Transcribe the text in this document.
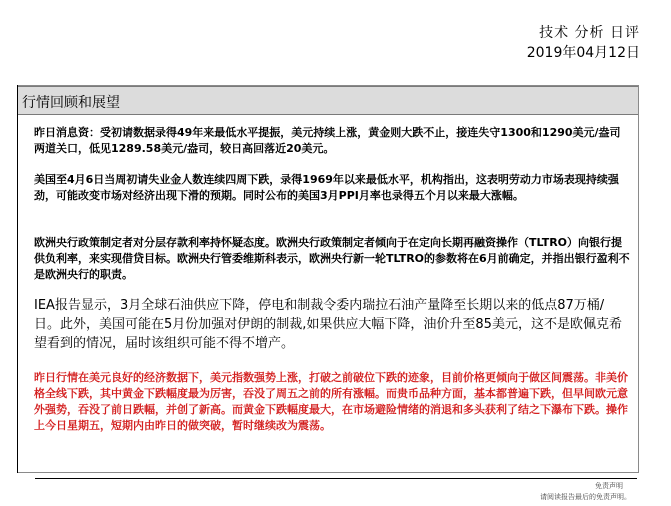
技术 分析 日评
2019年04月12日
行情回顾和展望

昨日消息资：受初请数据录得49年来最低水平提振，美元持续上涨，黄金则大跌不止，接连失守1300和1290美元/盎司两道关口，低见1289.58美元/盎司，较日高回落近20美元。

美国至4月6日当周初请失业金人数连续四周下跌，录得1969年以来最低水平，机构指出，这表明劳动力市场表现持续强劲，可能改变市场对经济出现下滑的预期。同时公布的美国3月PPI月率也录得五个月以来最大涨幅。

欧洲央行政策制定者对分层存款利率持怀疑态度。欧洲央行政策制定者倾向于在定向长期再融资操作（TLTRO）向银行提供负利率，来实现借贷目标。欧洲央行管委维斯科表示，欧洲央行新一轮TLTRO的参数将在6月前确定，并指出银行盈利不是欧洲央行的职责。

IEA报告显示，3月全球石油供应下降，停电和制裁令委内瑞拉石油产量降至长期以来的低点87万桶/日。此外，美国可能在5月份加强对伊朗的制裁,如果供应大幅下降，油价升至85美元，这不是欧佩克希望看到的情况，届时该组织可能不得不增产。

昨日行情在美元良好的经济数据下，美元指数强势上涨，打破之前破位下跌的迹象，目前价格更倾向于做区间震荡。非美价格全线下跌，其中黄金下跌幅度最为厉害，吞没了周五之前的所有涨幅。而贵币品种方面，基本都普遍下跌，但早间欧元意外强势，吞没了前日跌幅，并创了新高。而黄金下跌幅度最大，在市场避险情绪的消退和多头获利了结之下瀑布下跌。操作上今日星期五，短期内由昨日的做突破，暂时继续改为震荡。

免责声明
请阅读报告最后的免责声明。
